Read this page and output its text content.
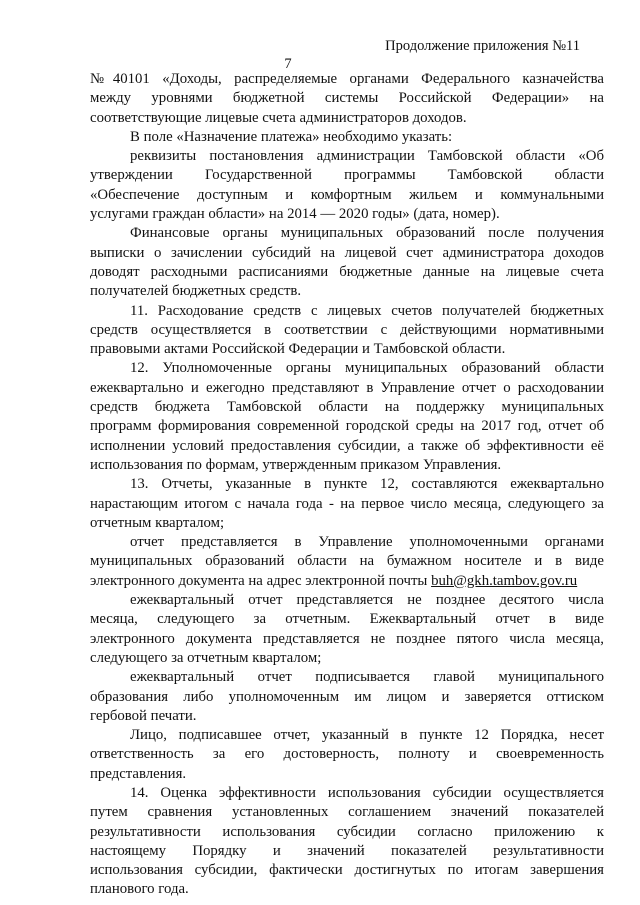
Продолжение приложения №11
7
№40101 «Доходы, распределяемые органами Федерального казначейства
между уровнями бюджетной системы Российской Федерации» на
соответствующие лицевые счета администраторов доходов.
В поле «Назначение платежа» необходимо указать:
реквизиты постановления администрации Тамбовской области «Об
утверждении Государственной программы Тамбовской области
«Обеспечение доступным и комфортным жильем и коммунальными
услугами граждан области» на 2014 — 2020 годы» (дата, номер).
Финансовые органы муниципальных образований после получения
выписки о зачислении субсидий на лицевой счет администратора доходов
доводят расходными расписаниями бюджетные данные на лицевые счета
получателей бюджетных средств.
11. Расходование средств с лицевых счетов получателей бюджетных
средств осуществляется в соответствии с действующими нормативными
правовыми актами Российской Федерации и Тамбовской области.
12. Уполномоченные органы муниципальных образований области
ежеквартально и ежегодно представляют в Управление отчет о расходовании
средств бюджета Тамбовской области на поддержку муниципальных
программ формирования современной городской среды на 2017 год, отчет об
исполнении условий предоставления субсидии, а также об эффективности её
использования по формам, утвержденным приказом Управления.
13. Отчеты, указанные в пункте 12, составляются ежеквартально
нарастающим итогом с начала года - на первое число месяца, следующего за
отчетным кварталом;
отчет представляется в Управление уполномоченными органами
муниципальных образований области на бумажном носителе и в виде
электронного документа на адрес электронной почты buh@gkh.tambov.gov.ru
ежеквартальный отчет представляется не позднее десятого числа
месяца, следующего за отчетным. Ежеквартальный отчет в виде
электронного документа представляется не позднее пятого числа месяца,
следующего за отчетным кварталом;
ежеквартальный отчет подписывается главой муниципального
образования либо уполномоченным им лицом и заверяется оттиском
гербовой печати.
Лицо, подписавшее отчет, указанный в пункте 12 Порядка, несет
ответственность за его достоверность, полноту и своевременность
представления.
14. Оценка эффективности использования субсидии осуществляется
путем сравнения установленных соглашением значений показателей
результативности использования субсидии согласно приложению к
настоящему Порядку и значений показателей результативности
использования субсидии, фактически достигнутых по итогам завершения
планового года.
